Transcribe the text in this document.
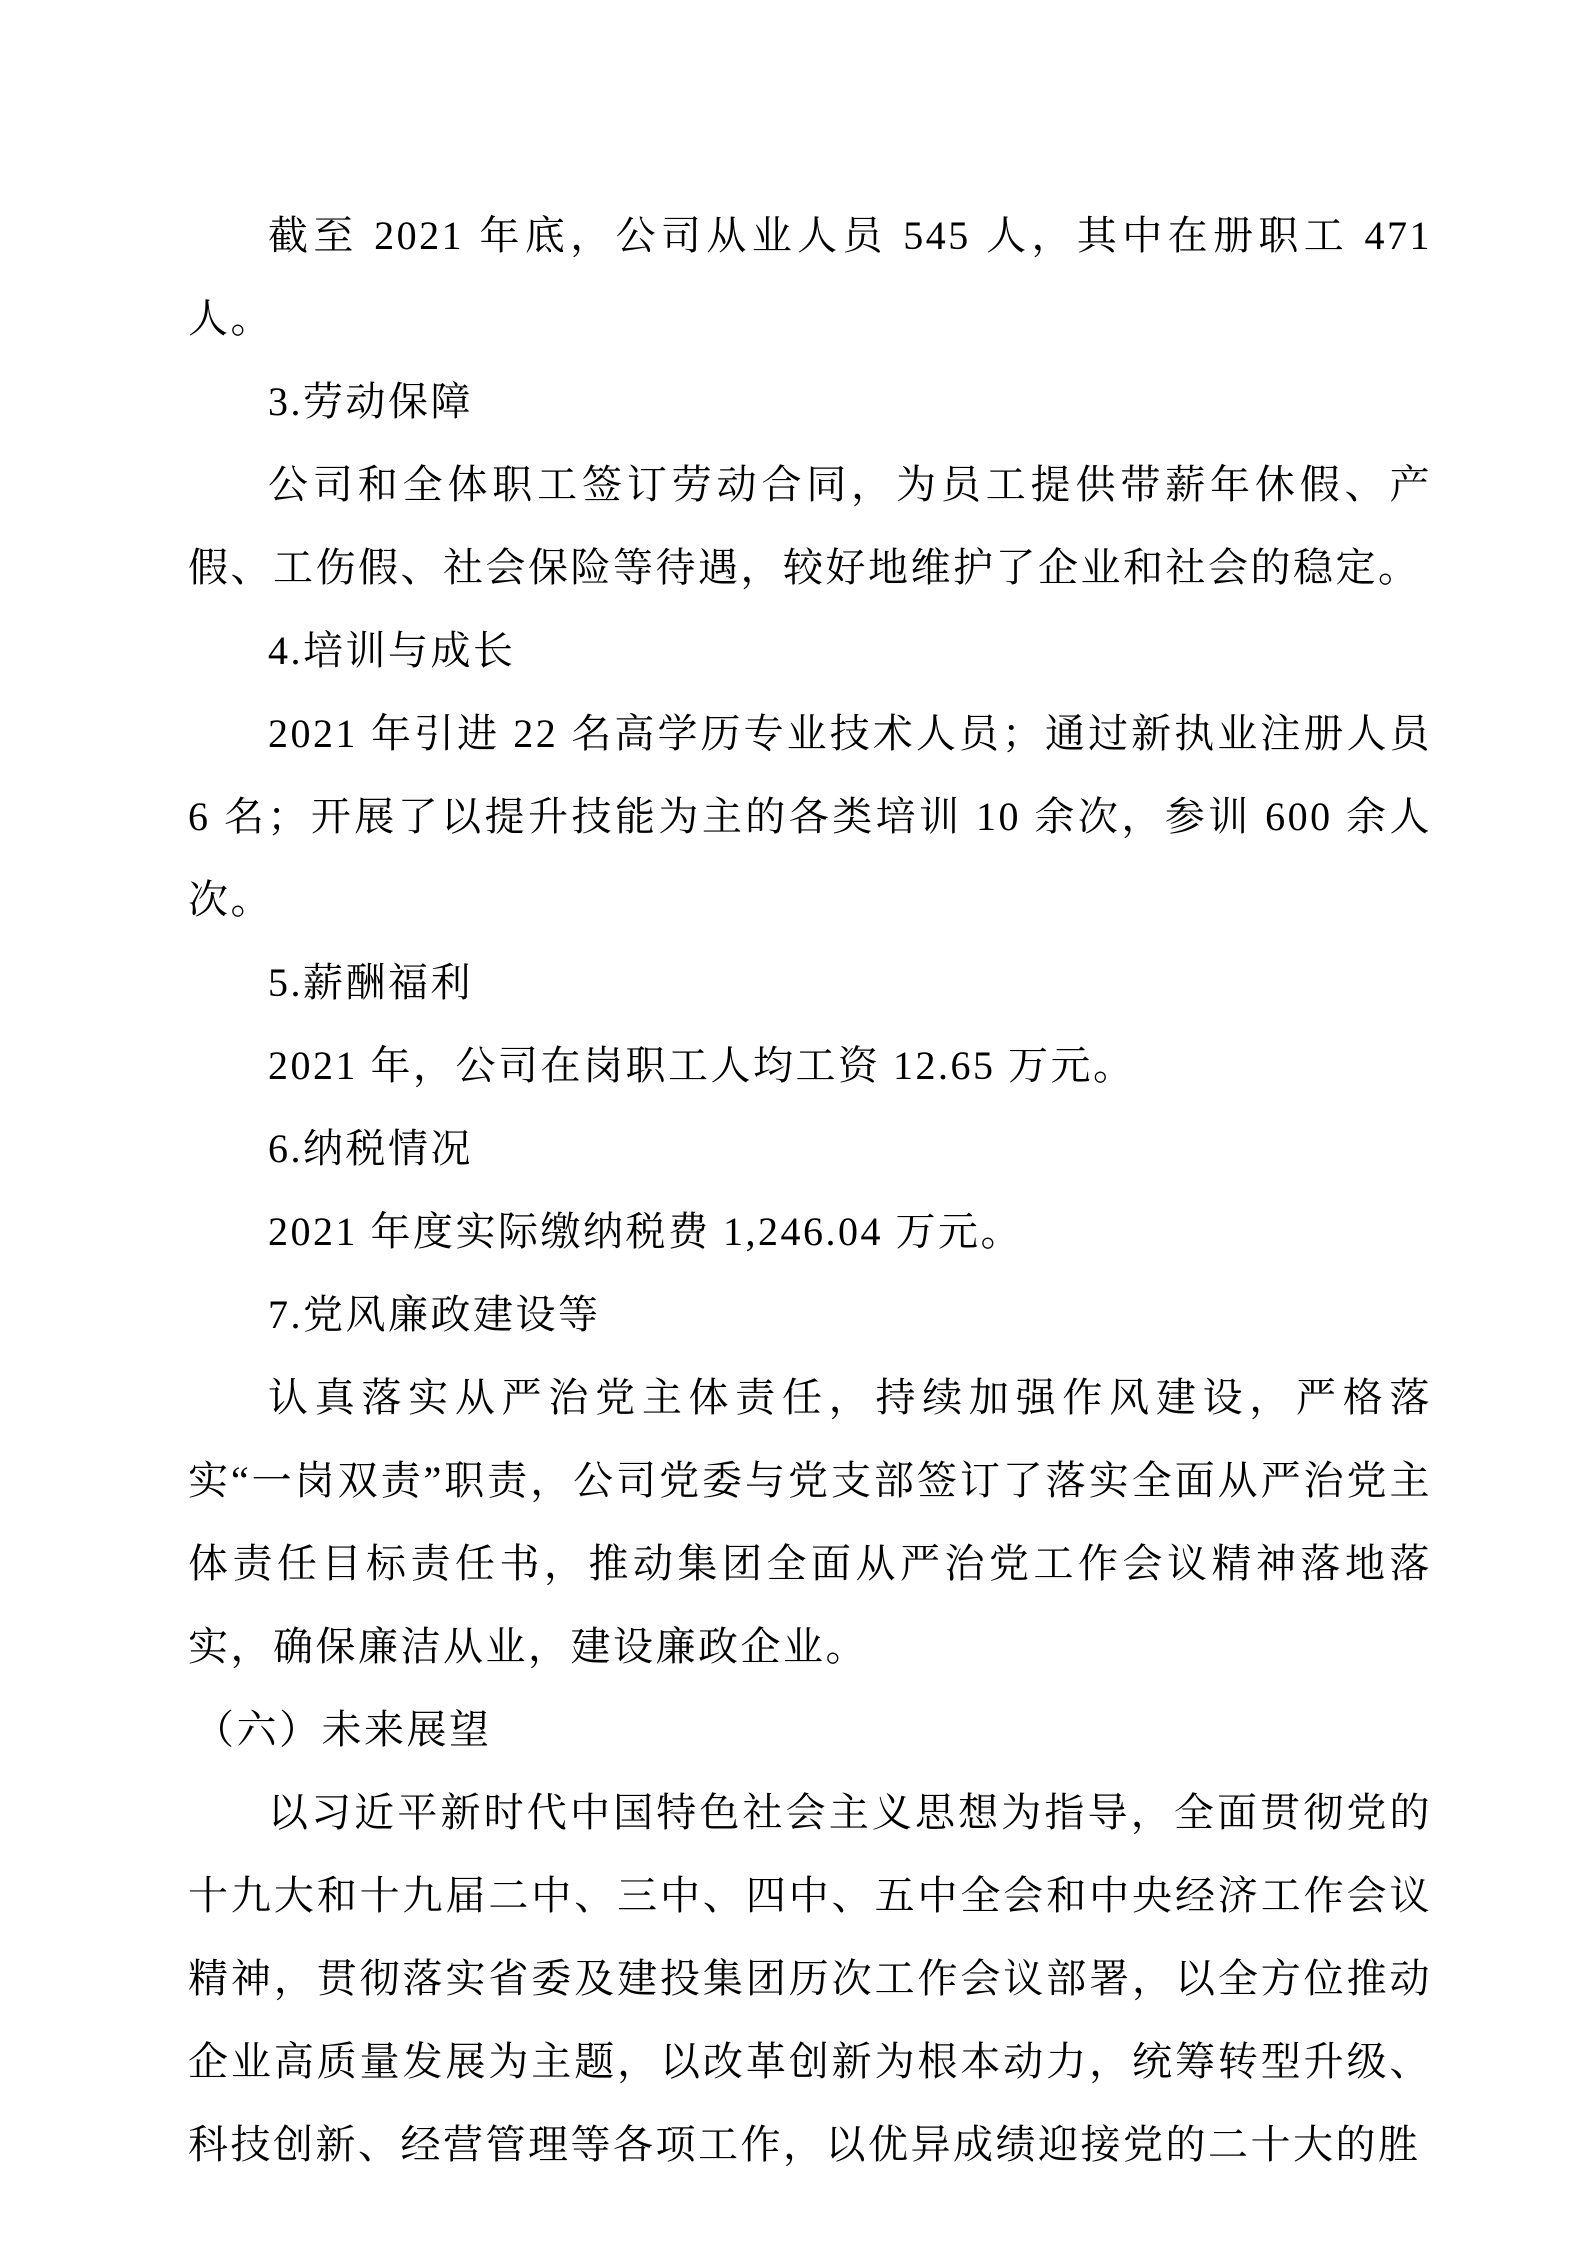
截至 2021 年底，公司从业人员 545 人，其中在册职工 471 人。

3.劳动保障

公司和全体职工签订劳动合同，为员工提供带薪年休假、产假、工伤假、社会保险等待遇，较好地维护了企业和社会的稳定。

4.培训与成长

2021 年引进 22 名高学历专业技术人员；通过新执业注册人员 6 名；开展了以提升技能为主的各类培训 10 余次，参训 600 余人次。

5.薪酬福利

2021 年，公司在岗职工人均工资 12.65 万元。

6.纳税情况

2021 年度实际缴纳税费 1,246.04 万元。

7.党风廉政建设等

认真落实从严治党主体责任，持续加强作风建设，严格落实“一岗双责”职责，公司党委与党支部签订了落实全面从严治党主体责任目标责任书，推动集团全面从严治党工作会议精神落地落实，确保廉洁从业，建设廉政企业。

（六）未来展望

以习近平新时代中国特色社会主义思想为指导，全面贯彻党的十九大和十九届二中、三中、四中、五中全会和中央经济工作会议精神，贯彻落实省委及建投集团历次工作会议部署，以全方位推动企业高质量发展为主题，以改革创新为根本动力，统筹转型升级、科技创新、经营管理等各项工作，以优异成绩迎接党的二十大的胜
